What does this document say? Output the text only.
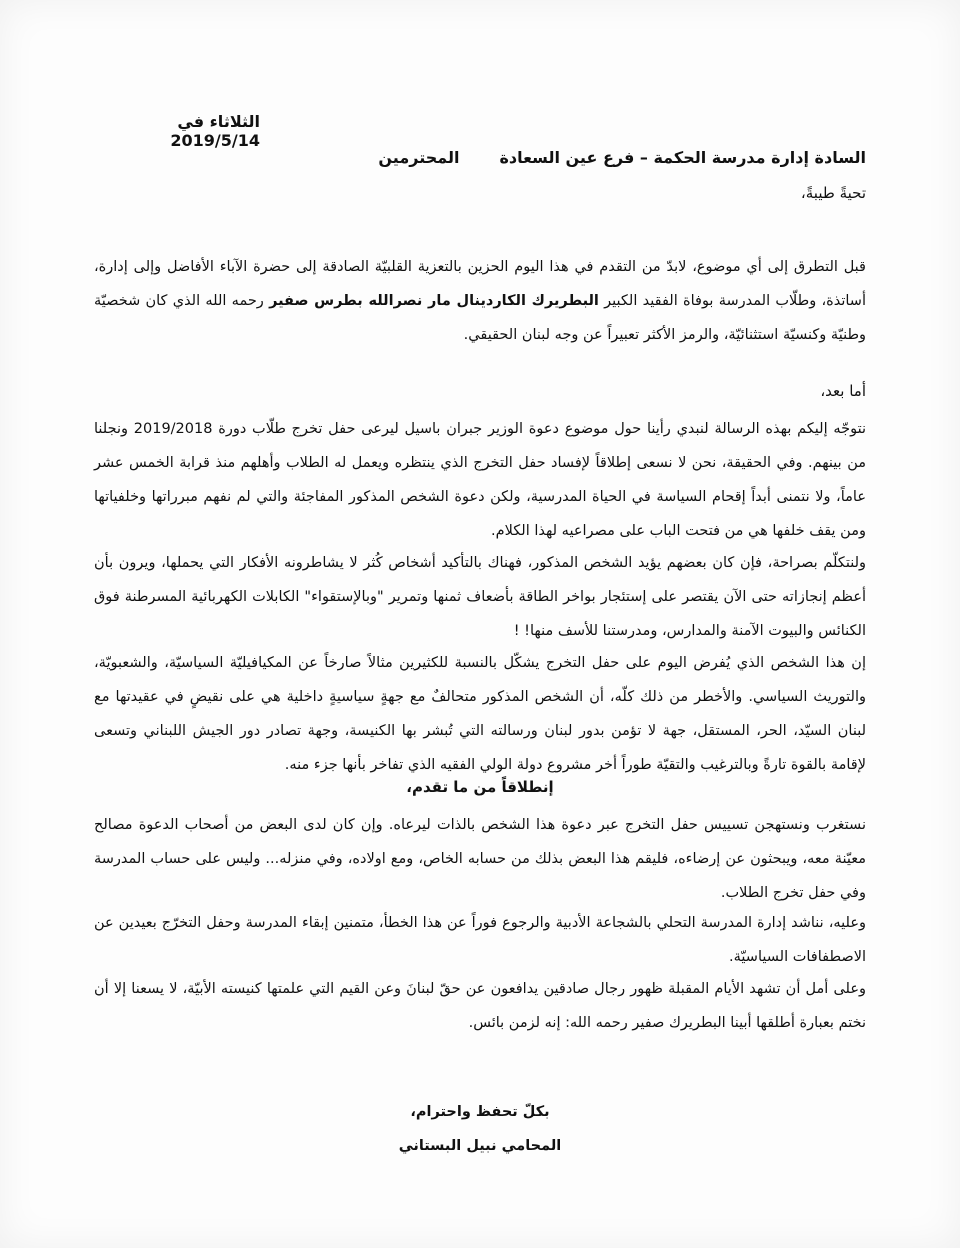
الثلاثاء في 2019/5/14
السادة إدارة مدرسة الحكمة – فرع عين السعادةالمحترمين
تحيةً طيبةً،

قبل التطرق إلى أي موضوع، لابدّ من التقدم في هذا اليوم الحزين بالتعزية القلبيّة الصادقة إلى حضرة الآباء الأفاضل وإلى إدارة، أساتذة، وطلّاب المدرسة بوفاة الفقيد الكبير البطريرك الكاردينال مار نصرالله بطرس صفير رحمه الله الذي كان شخصيّة وطنيّة وكنسيّة استثنائيّة، والرمز الأكثر تعبيراً عن وجه لبنان الحقيقي.

أما بعد،

نتوجّه إليكم بهذه الرسالة لنبدي رأينا حول موضوع دعوة الوزير جبران باسيل ليرعى حفل تخرج طلّاب دورة 2019/2018 ونجلنا من بينهم. وفي الحقيقة، نحن لا نسعى إطلاقاً لإفساد حفل التخرج الذي ينتظره ويعمل له الطلاب وأهلهم منذ قرابة الخمس عشر عاماً، ولا نتمنى أبداً إقحام السياسة في الحياة المدرسية، ولكن دعوة الشخص المذكور المفاجئة والتي لم نفهم مبرراتها وخلفياتها ومن يقف خلفها هي من فتحت الباب على مصراعيه لهذا الكلام.

ولنتكلّم بصراحة، فإن كان بعضهم يؤيد الشخص المذكور، فهناك بالتأكيد أشخاص كُثر لا يشاطرونه الأفكار التي يحملها، ويرون بأن أعظم إنجازاته حتى الآن يقتصر على إستئجار بواخر الطاقة بأضعاف ثمنها وتمرير "وبالإستقواء" الكابلات الكهربائية المسرطنة فوق الكنائس والبيوت الآمنة والمدارس، ومدرستنا للأسف منها! !

إن هذا الشخص الذي يُفرض اليوم على حفل التخرج يشكّل بالنسبة للكثيرين مثالاً صارخاً عن المكيافيليّة السياسيّة، والشعبويّة، والتوريث السياسي. والأخطر من ذلك كلّه، أن الشخص المذكور متحالفٌ مع جهةٍ سياسيةٍ داخلية هي على نقيضٍ في عقيدتها مع لبنان السيّد، الحر، المستقل، جهة لا تؤمن بدور لبنان ورسالته التي تُبشر بها الكنيسة، وجهة تصادر دور الجيش اللبناني وتسعى لإقامة بالقوة تارةً وبالترغيب والتقيّة طوراً أخر مشروع دولة الولي الفقيه الذي تفاخر بأنها جزء منه.

إنطلاقاً من ما تقدم،

نستغرب ونستهجن تسييس حفل التخرج عبر دعوة هذا الشخص بالذات ليرعاه. وإن كان لدى البعض من أصحاب الدعوة مصالح معيّنة معه، ويبحثون عن إرضاءه، فليقم هذا البعض بذلك من حسابه الخاص، ومع اولاده، وفي منزله... وليس على حساب المدرسة وفي حفل تخرج الطلاب.

وعليه، نناشد إدارة المدرسة التحلي بالشجاعة الأدبية والرجوع فوراً عن هذا الخطأ، متمنين إبقاء المدرسة وحفل التخرّج بعيدين عن الاصطفافات السياسيّة.

وعلى أمل أن تشهد الأيام المقبلة ظهور رجال صادقين يدافعون عن حقّ لبنانَ وعن القيم التي علمتها كنيسته الأبيّة، لا يسعنا إلا أن نختم بعبارة أطلقها أبينا البطريرك صفير رحمه الله: إنه لزمن بائس.

بكلّ تحفظ واحترام،
المحامي نبيل البستاني
